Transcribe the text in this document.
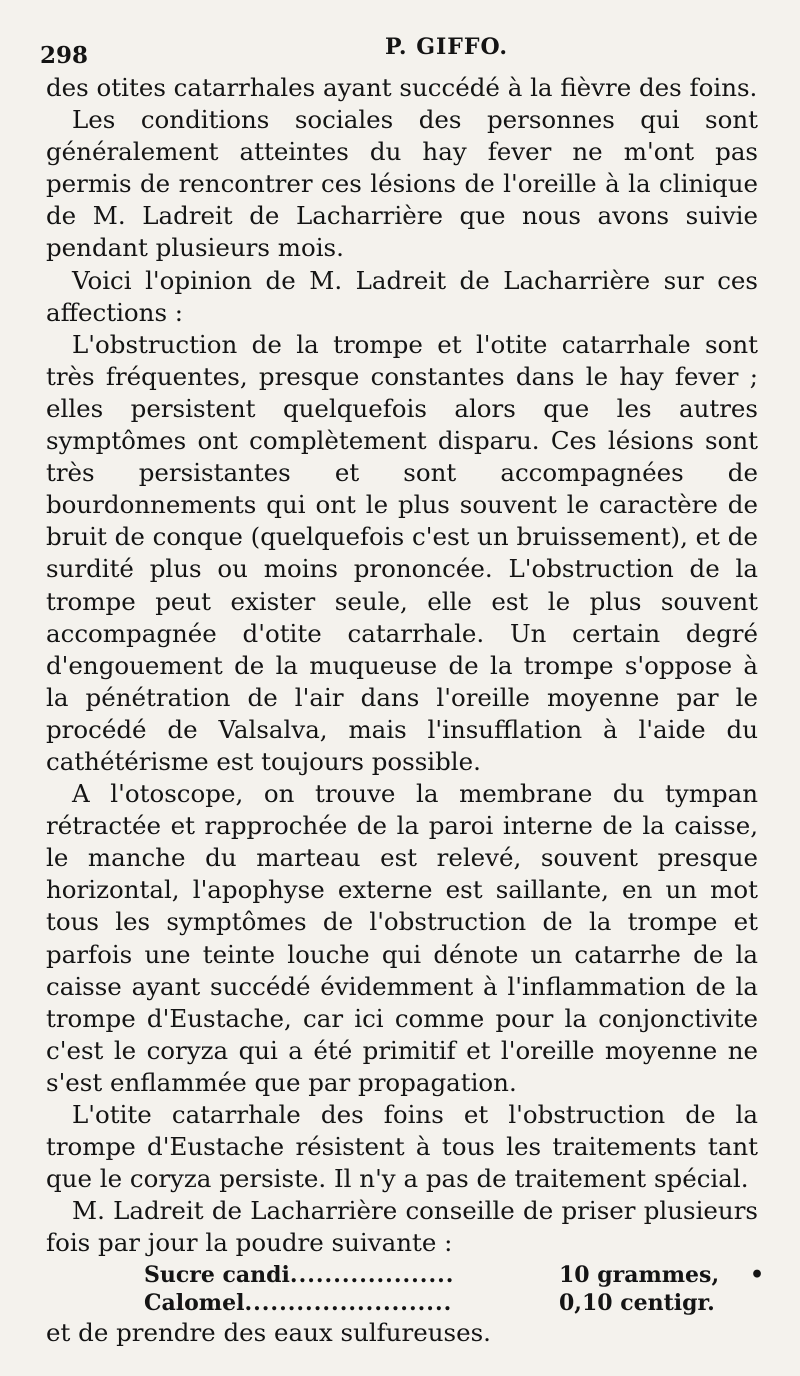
298	P. GIFFO.

des otites catarrhales ayant succédé à la fièvre des foins.

Les conditions sociales des personnes qui sont généralement atteintes du hay fever ne m'ont pas permis de rencontrer ces lésions de l'oreille à la clinique de M. Ladreit de Lacharrière que nous avons suivie pendant plusieurs mois.

Voici l'opinion de M. Ladreit de Lacharrière sur ces affections :

L'obstruction de la trompe et l'otite catarrhale sont très fréquentes, presque constantes dans le hay fever ; elles persistent quelquefois alors que les autres symptômes ont complètement disparu. Ces lésions sont très persistantes et sont accompagnées de bourdonnements qui ont le plus souvent le caractère de bruit de conque (quelquefois c'est un bruissement), et de surdité plus ou moins prononcée. L'obstruction de la trompe peut exister seule, elle est le plus souvent accompagnée d'otite catarrhale. Un certain degré d'engouement de la muqueuse de la trompe s'oppose à la pénétration de l'air dans l'oreille moyenne par le procédé de Valsalva, mais l'insufflation à l'aide du cathétérisme est toujours possible.

A l'otoscope, on trouve la membrane du tympan rétractée et rapprochée de la paroi interne de la caisse, le manche du marteau est relevé, souvent presque horizontal, l'apophyse externe est saillante, en un mot tous les symptômes de l'obstruction de la trompe et parfois une teinte louche qui dénote un catarrhe de la caisse ayant succédé évidemment à l'inflammation de la trompe d'Eustache, car ici comme pour la conjonctivite c'est le coryza qui a été primitif et l'oreille moyenne ne s'est enflammée que par propagation.

L'otite catarrhale des foins et l'obstruction de la trompe d'Eustache résistent à tous les traitements tant que le coryza persiste. Il n'y a pas de traitement spécial.

M. Ladreit de Lacharrière conseille de priser plusieurs fois par jour la poudre suivante :

Sucre candi...................	10 grammes,	•
Calomel........................	0,10 centigr.

et de prendre des eaux sulfureuses.
